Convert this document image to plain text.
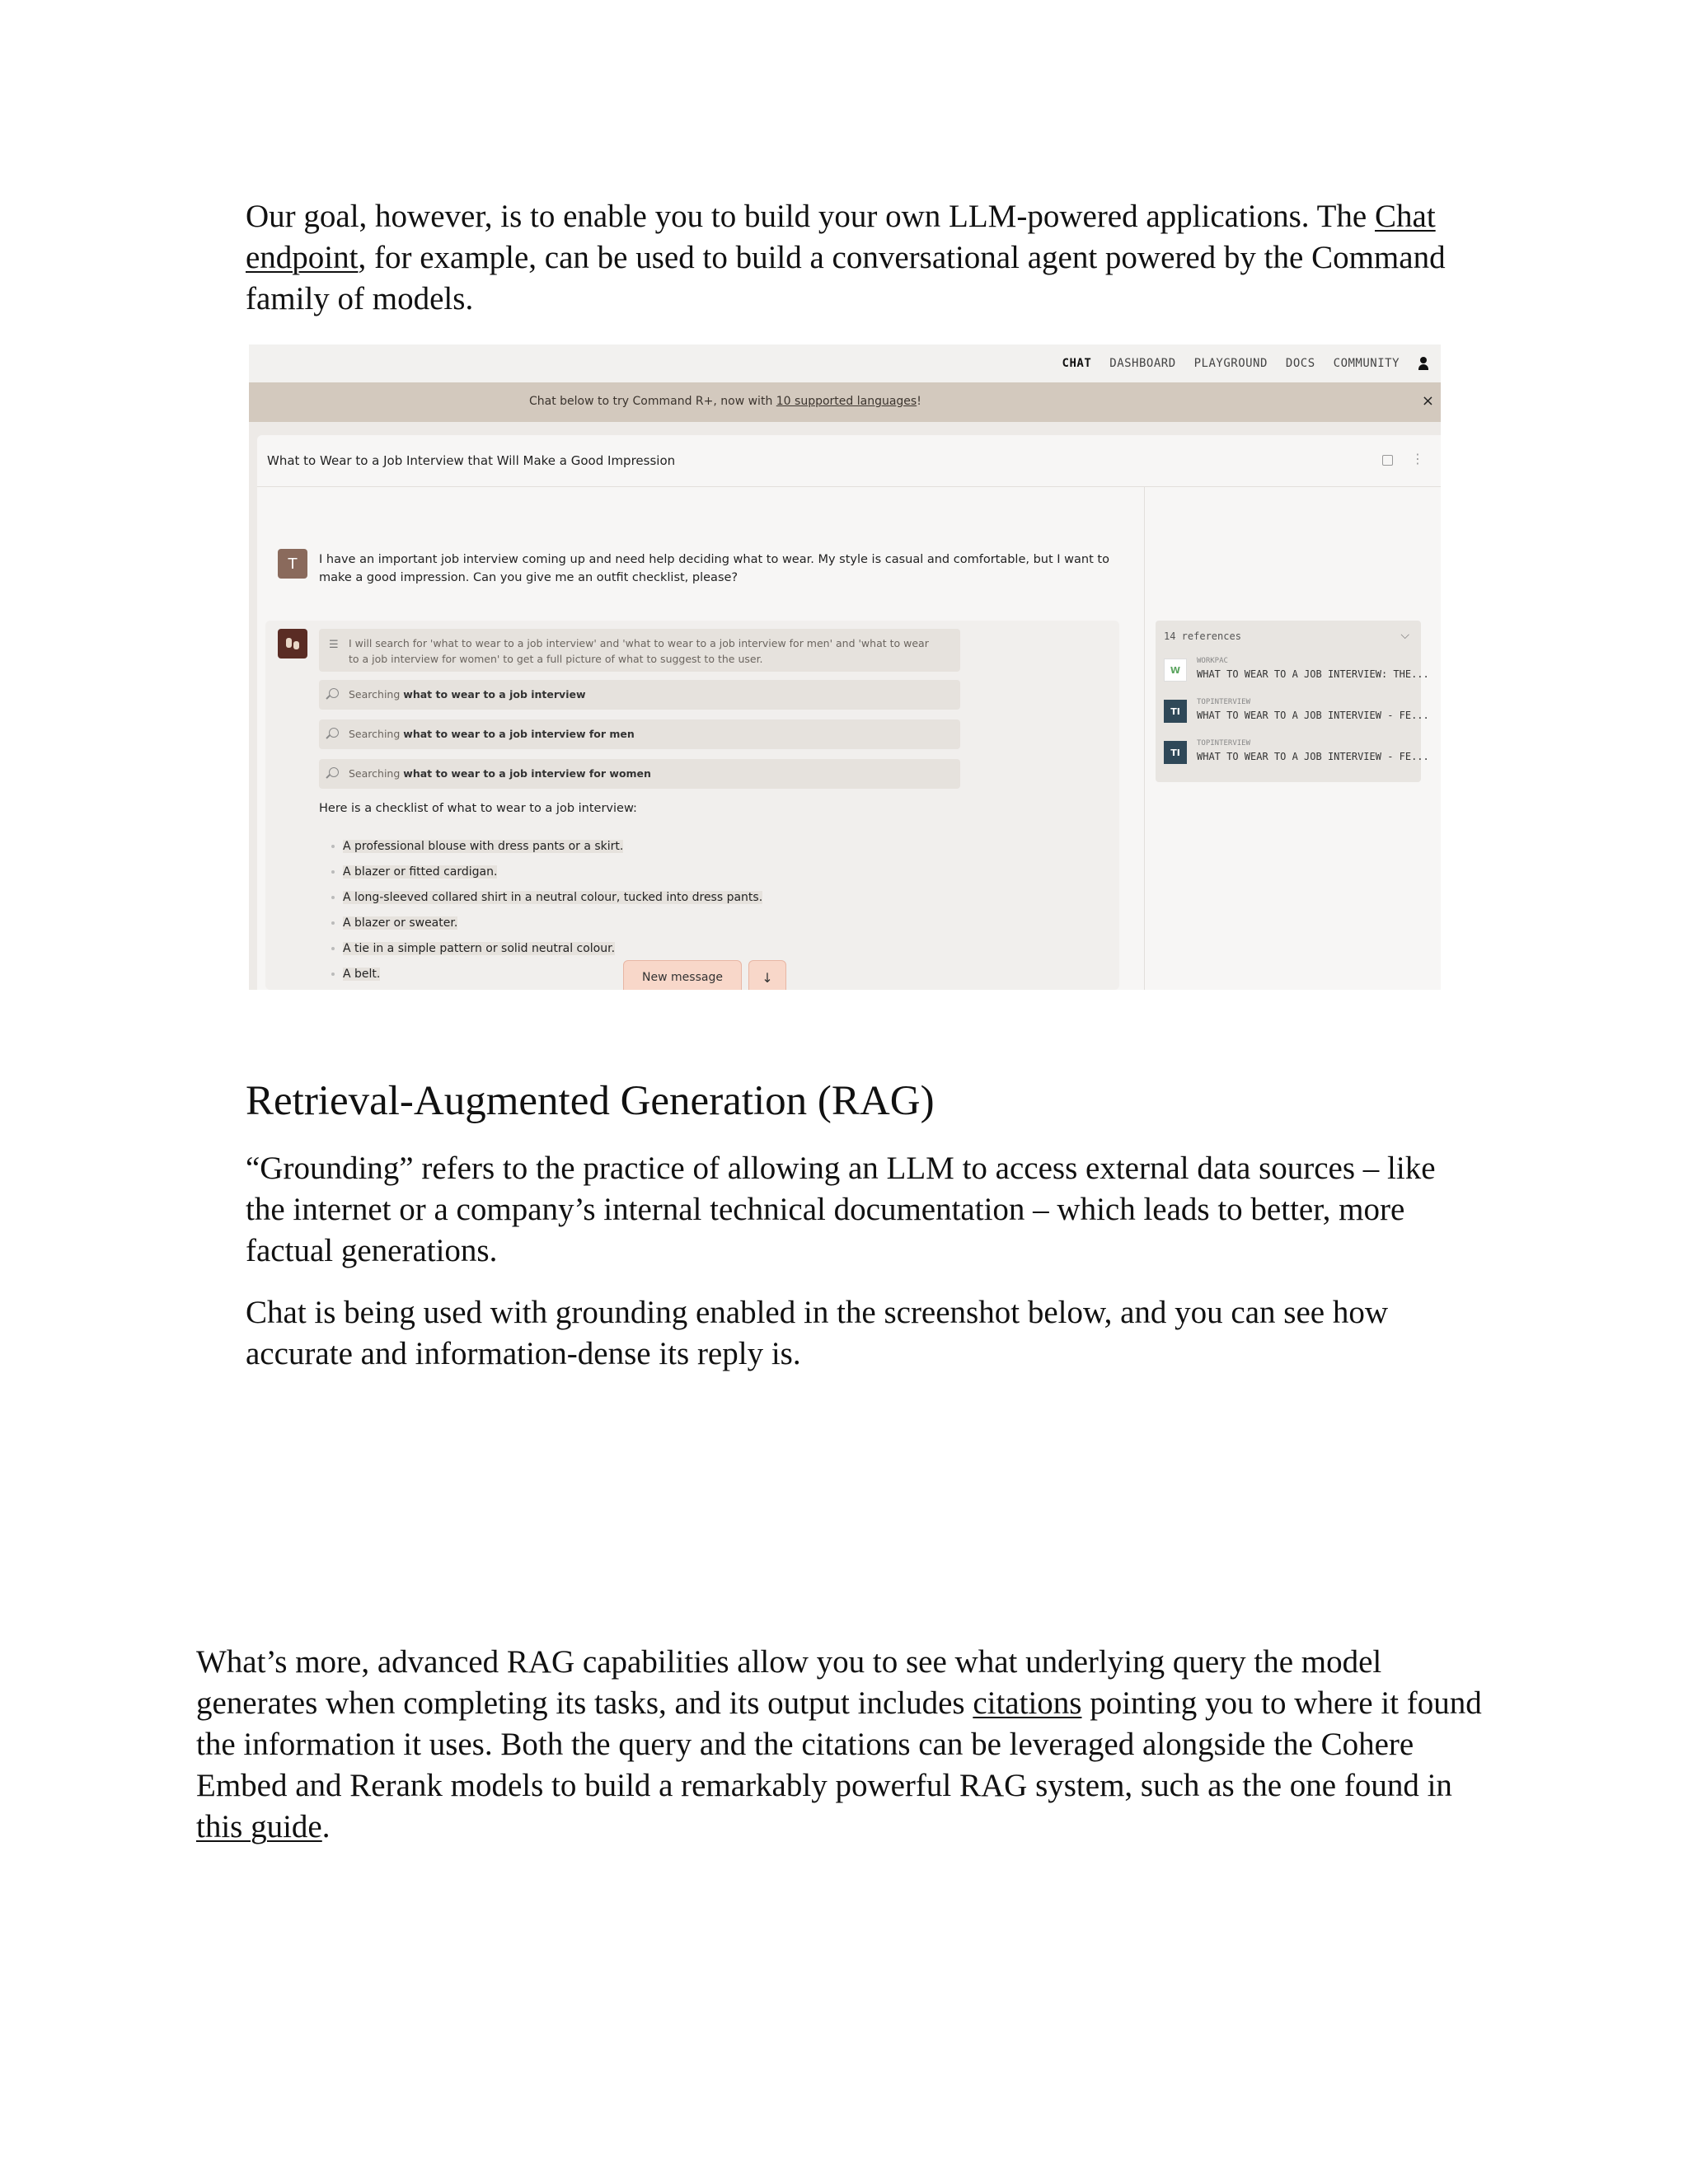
Our goal, however, is to enable you to build your own LLM-powered applications. The Chat endpoint, for example, can be used to build a conversational agent powered by the Command family of models.

CHAT DASHBOARD PLAYGROUND DOCS COMMUNITY
Chat below to try Command R+, now with 10 supported languages!	×
What to Wear to a Job Interview that Will Make a Good Impression	⋮
T	I have an important job interview coming up and need help deciding what to wear. My style is casual and comfortable, but I want to make a good impression. Can you give me an outfit checklist, please?
☰ I will search for 'what to wear to a job interview' and 'what to wear to a job interview for men' and 'what to wear to a job interview for women' to get a full picture of what to suggest to the user.
Searching what to wear to a job interview
Searching what to wear to a job interview for men
Searching what to wear to a job interview for women
Here is a checklist of what to wear to a job interview:
A professional blouse with dress pants or a skirt.
A blazer or fitted cardigan.
A long-sleeved collared shirt in a neutral colour, tucked into dress pants.
A blazer or sweater.
A tie in a simple pattern or solid neutral colour.
A belt.	New message	↓
14 references	⌵
W
WORKPAC
WHAT TO WEAR TO A JOB INTERVIEW: THE...
TI
TOPINTERVIEW
WHAT TO WEAR TO A JOB INTERVIEW - FE...
TI
TOPINTERVIEW
WHAT TO WEAR TO A JOB INTERVIEW - FE...
Retrieval-Augmented Generation (RAG)

“Grounding” refers to the practice of allowing an LLM to access external data sources – like the internet or a company’s internal technical documentation – which leads to better, more factual generations.

Chat is being used with grounding enabled in the screenshot below, and you can see how accurate and information-dense its reply is.

What’s more, advanced RAG capabilities allow you to see what underlying query the model generates when completing its tasks, and its output includes citations pointing you to where it found the information it uses. Both the query and the citations can be leveraged alongside the Cohere Embed and Rerank models to build a remarkably powerful RAG system, such as the one found in this guide.
